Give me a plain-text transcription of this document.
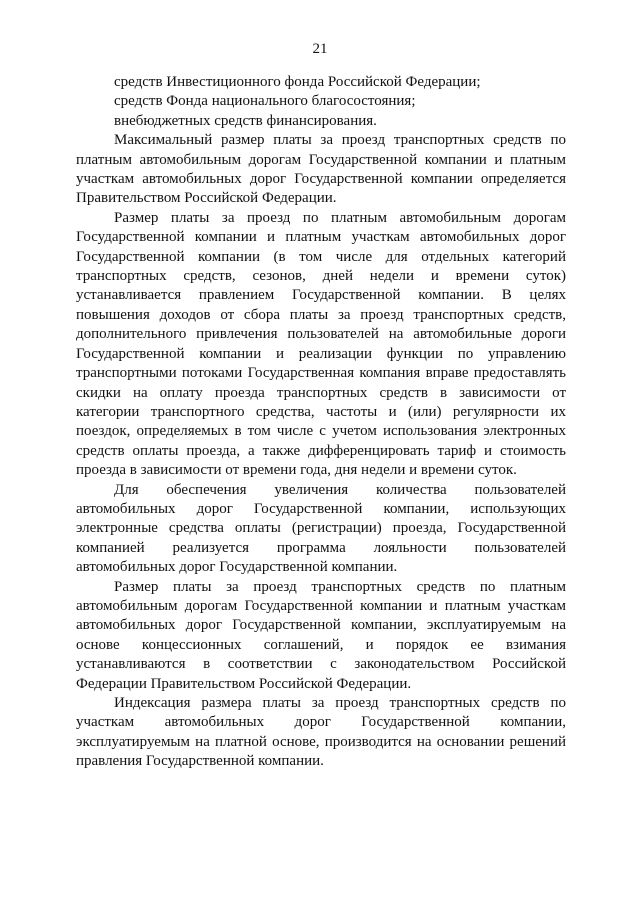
21

средств Инвестиционного фонда Российской Федерации;

средств Фонда национального благосостояния;

внебюджетных средств финансирования.

Максимальный размер платы за проезд транспортных средств по платным автомобильным дорогам Государственной компании и платным участкам автомобильных дорог Государственной компании определяется Правительством Российской Федерации.

Размер платы за проезд по платным автомобильным дорогам Государственной компании и платным участкам автомобильных дорог Государственной компании (в том числе для отдельных категорий транспортных средств, сезонов, дней недели и времени суток) устанавливается правлением Государственной компании. В целях повышения доходов от сбора платы за проезд транспортных средств, дополнительного привлечения пользователей на автомобильные дороги Государственной компании и реализации функции по управлению транспортными потоками Государственная компания вправе предоставлять скидки на оплату проезда транспортных средств в зависимости от категории транспортного средства, частоты и (или) регулярности их поездок, определяемых в том числе с учетом использования электронных средств оплаты проезда, а также дифференцировать тариф и стоимость проезда в зависимости от времени года, дня недели и времени суток.

Для обеспечения увеличения количества пользователей автомобильных дорог Государственной компании, использующих электронные средства оплаты (регистрации) проезда, Государственной компанией реализуется программа лояльности пользователей автомобильных дорог Государственной компании.

Размер платы за проезд транспортных средств по платным автомобильным дорогам Государственной компании и платным участкам автомобильных дорог Государственной компании, эксплуатируемым на основе концессионных соглашений, и порядок ее взимания устанавливаются в соответствии с законодательством Российской Федерации Правительством Российской Федерации.

Индексация размера платы за проезд транспортных средств по участкам автомобильных дорог Государственной компании, эксплуатируемым на платной основе, производится на основании решений правления Государственной компании.
